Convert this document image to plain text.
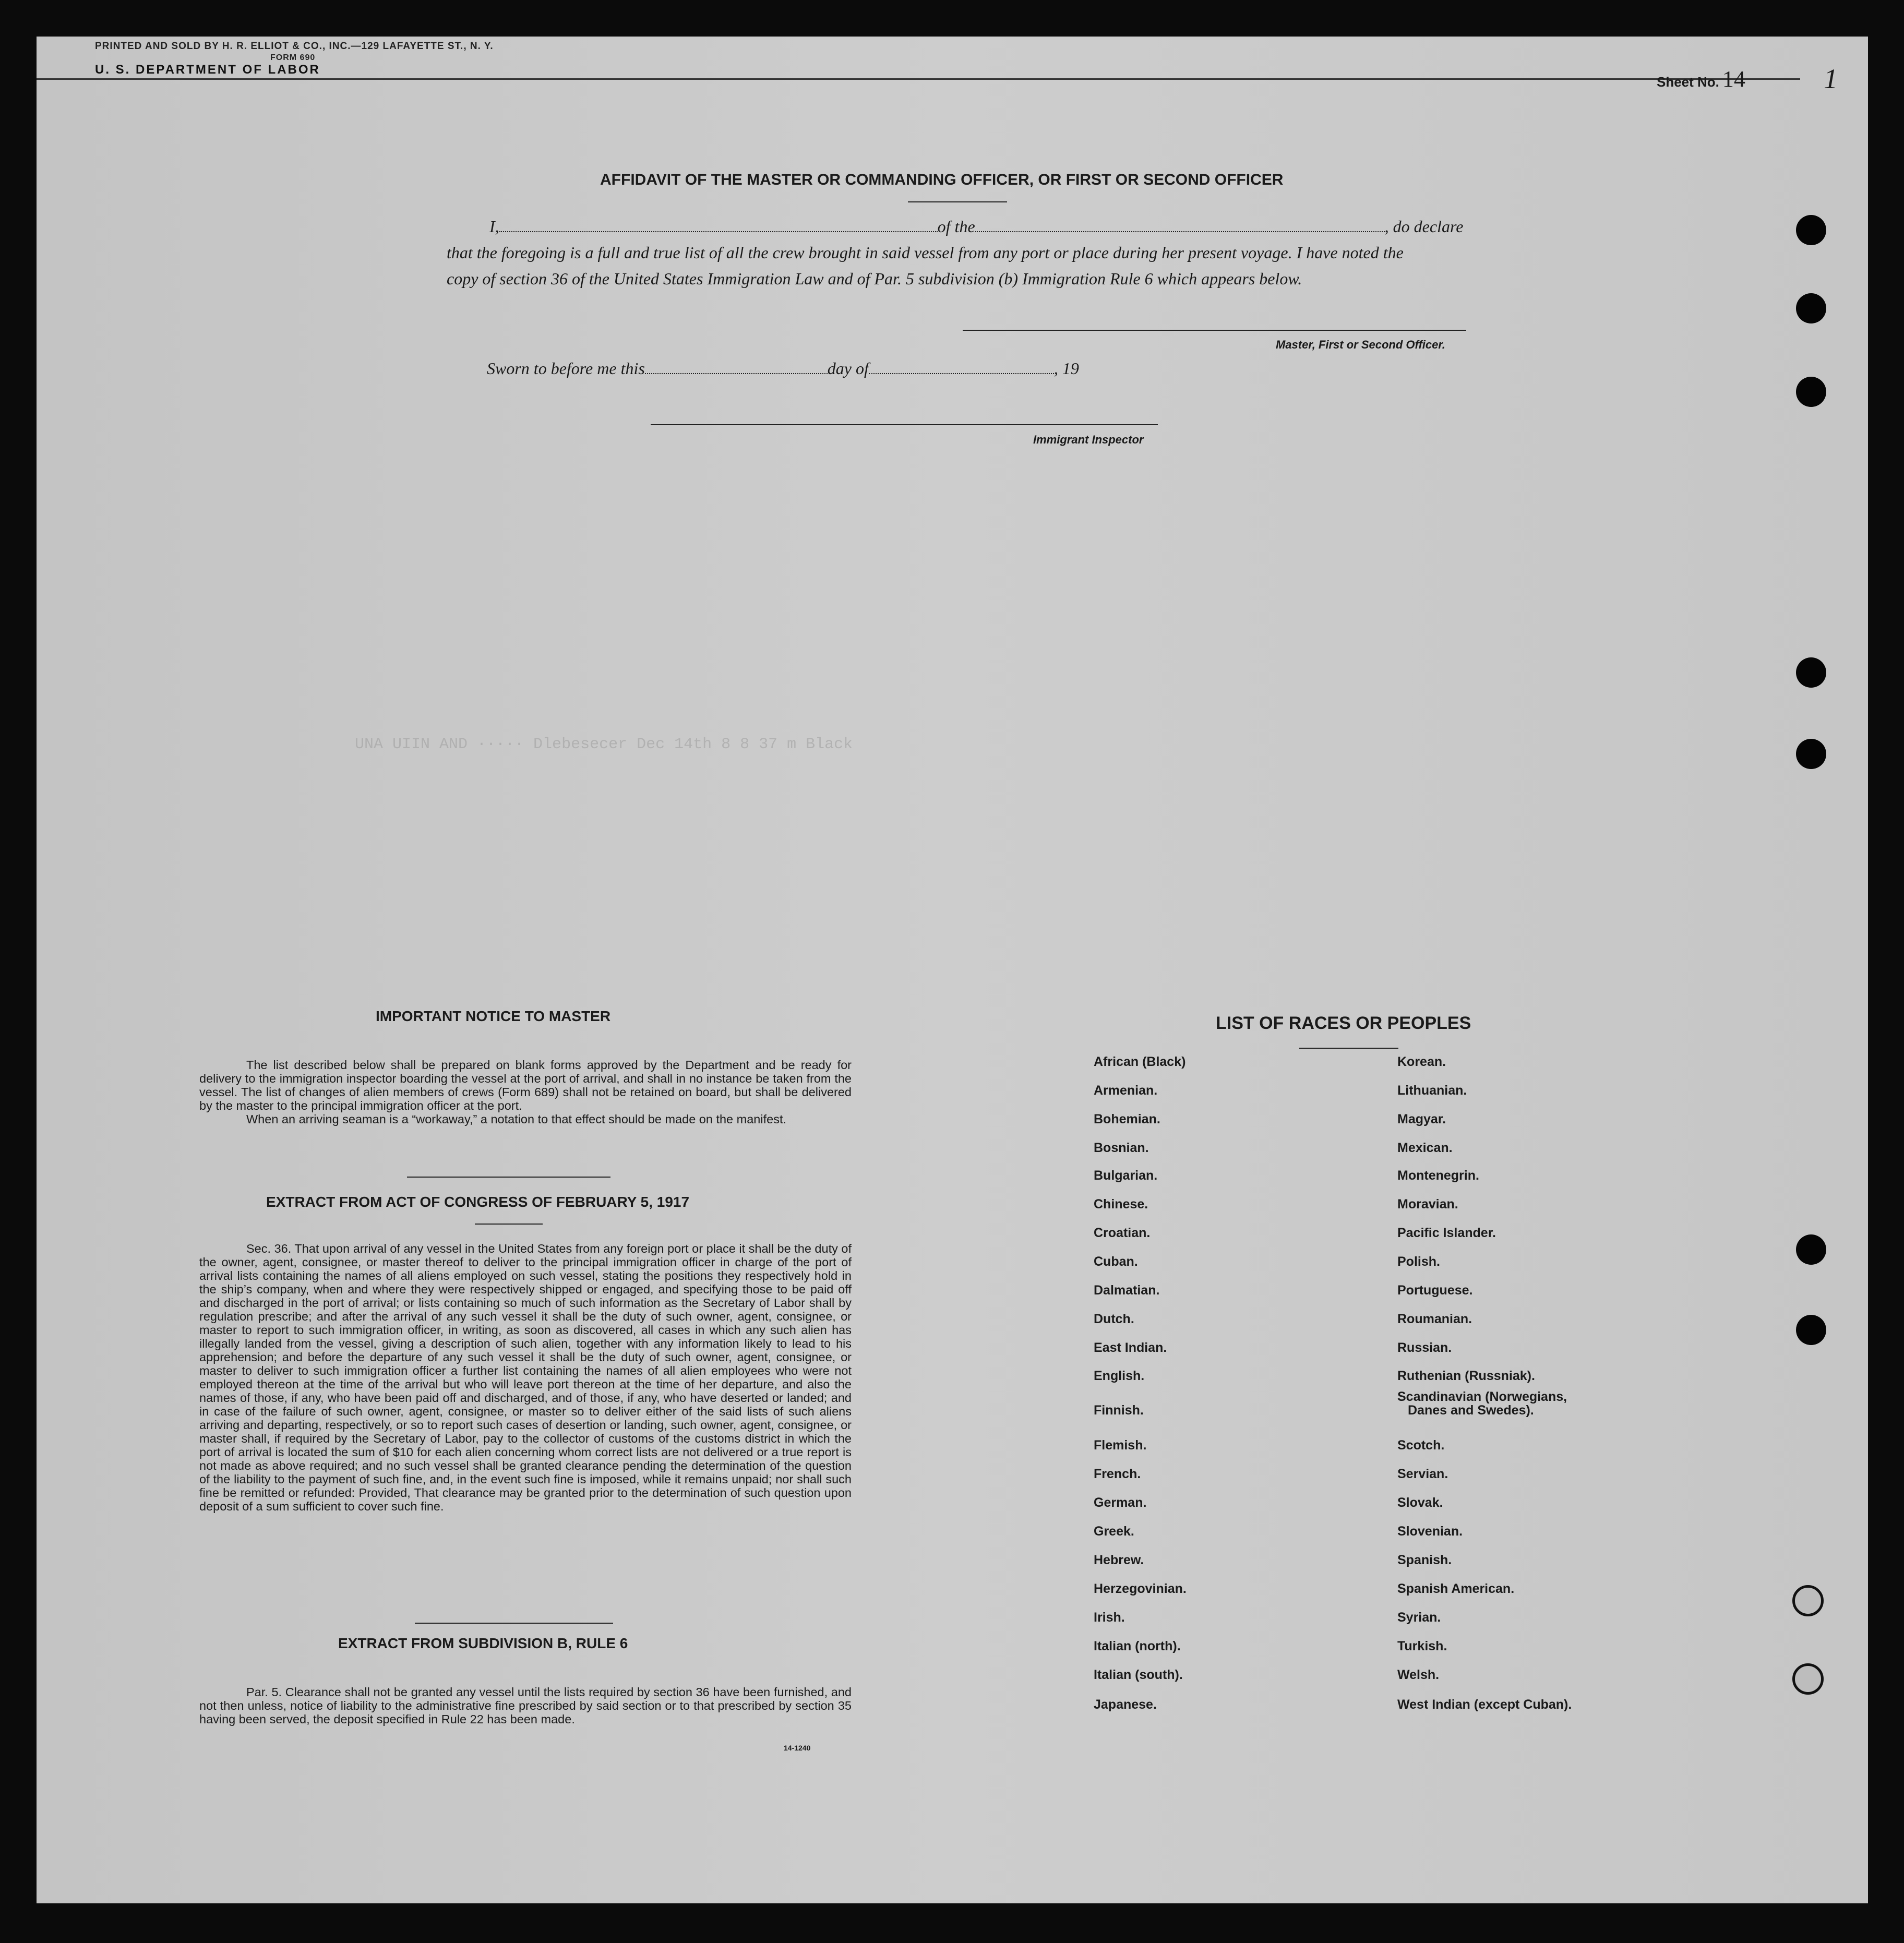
UNA UIIN AND ····· Dlebesecer Dec 14th 8 8 37 m Black
PRINTED AND SOLD BY H. R. ELLIOT & CO., INC.—129 LAFAYETTE ST., N. Y.
FORM 690
U. S. DEPARTMENT OF LABOR
Sheet No. 14	1
AFFIDAVIT OF THE MASTER OR COMMANDING OFFICER, OR FIRST OR SECOND OFFICER
I,	of the	, do declare
that the foregoing is a full and true list of all the crew brought in said vessel from any port or place during her present voyage. I have noted the
copy of section 36 of the United States Immigration Law and of Par. 5 subdivision (b) Immigration Rule 6 which appears below.
Master, First or Second Officer.
Sworn to before me this	day of	, 19
Immigrant Inspector
IMPORTANT NOTICE TO MASTER

The list described below shall be prepared on blank forms approved by the Department and be ready for delivery to the immigration inspector boarding the vessel at the port of arrival, and shall in no instance be taken from the vessel. The list of changes of alien members of crews (Form 689) shall not be retained on board, but shall be delivered by the master to the principal immigration officer at the port.

When an arriving seaman is a “workaway,” a notation to that effect should be made on the manifest.

EXTRACT FROM ACT OF CONGRESS OF FEBRUARY 5, 1917

Sec. 36. That upon arrival of any vessel in the United States from any foreign port or place it shall be the duty of the owner, agent, consignee, or master thereof to deliver to the principal immigration officer in charge of the port of arrival lists containing the names of all aliens employed on such vessel, stating the positions they respectively hold in the ship’s company, when and where they were respectively shipped or engaged, and specifying those to be paid off and discharged in the port of arrival; or lists containing so much of such information as the Secretary of Labor shall by regulation prescribe; and after the arrival of any such vessel it shall be the duty of such owner, agent, consignee, or master to report to such immigration officer, in writing, as soon as discovered, all cases in which any such alien has illegally landed from the vessel, giving a description of such alien, together with any information likely to lead to his apprehension; and before the departure of any such vessel it shall be the duty of such owner, agent, consignee, or master to deliver to such immigration officer a further list containing the names of all alien employees who were not employed thereon at the time of the arrival but who will leave port thereon at the time of her departure, and also the names of those, if any, who have been paid off and discharged, and of those, if any, who have deserted or landed; and in case of the failure of such owner, agent, consignee, or master so to deliver either of the said lists of such aliens arriving and departing, respectively, or so to report such cases of desertion or landing, such owner, agent, consignee, or master shall, if required by the Secretary of Labor, pay to the collector of customs of the customs district in which the port of arrival is located the sum of $10 for each alien concerning whom correct lists are not delivered or a true report is not made as above required; and no such vessel shall be granted clearance pending the determination of the question of the liability to the payment of such fine, and, in the event such fine is imposed, while it remains unpaid; nor shall such fine be remitted or refunded: Provided, That clearance may be granted prior to the determination of such question upon deposit of a sum sufficient to cover such fine.

EXTRACT FROM SUBDIVISION B, RULE 6

Par. 5. Clearance shall not be granted any vessel until the lists required by section 36 have been furnished, and not then unless, notice of liability to the administrative fine prescribed by said section or to that prescribed by section 35 having been served, the deposit specified in Rule 22 has been made.

14-1240
LIST OF RACES OR PEOPLES
African (Black)
Armenian.
Bohemian.
Bosnian.
Bulgarian.
Chinese.
Croatian.
Cuban.
Dalmatian.
Dutch.
East Indian.
English.
Finnish.
Flemish.
French.
German.
Greek.
Hebrew.
Herzegovinian.
Irish.
Italian (north).
Italian (south).
Japanese.
Korean.
Lithuanian.
Magyar.
Mexican.
Montenegrin.
Moravian.
Pacific Islander.
Polish.
Portuguese.
Roumanian.
Russian.
Ruthenian (Russniak).
Scandinavian (Norwegians,
Danes and Swedes).
Scotch.
Servian.
Slovak.
Slovenian.
Spanish.
Spanish American.
Syrian.
Turkish.
Welsh.
West Indian (except Cuban).
